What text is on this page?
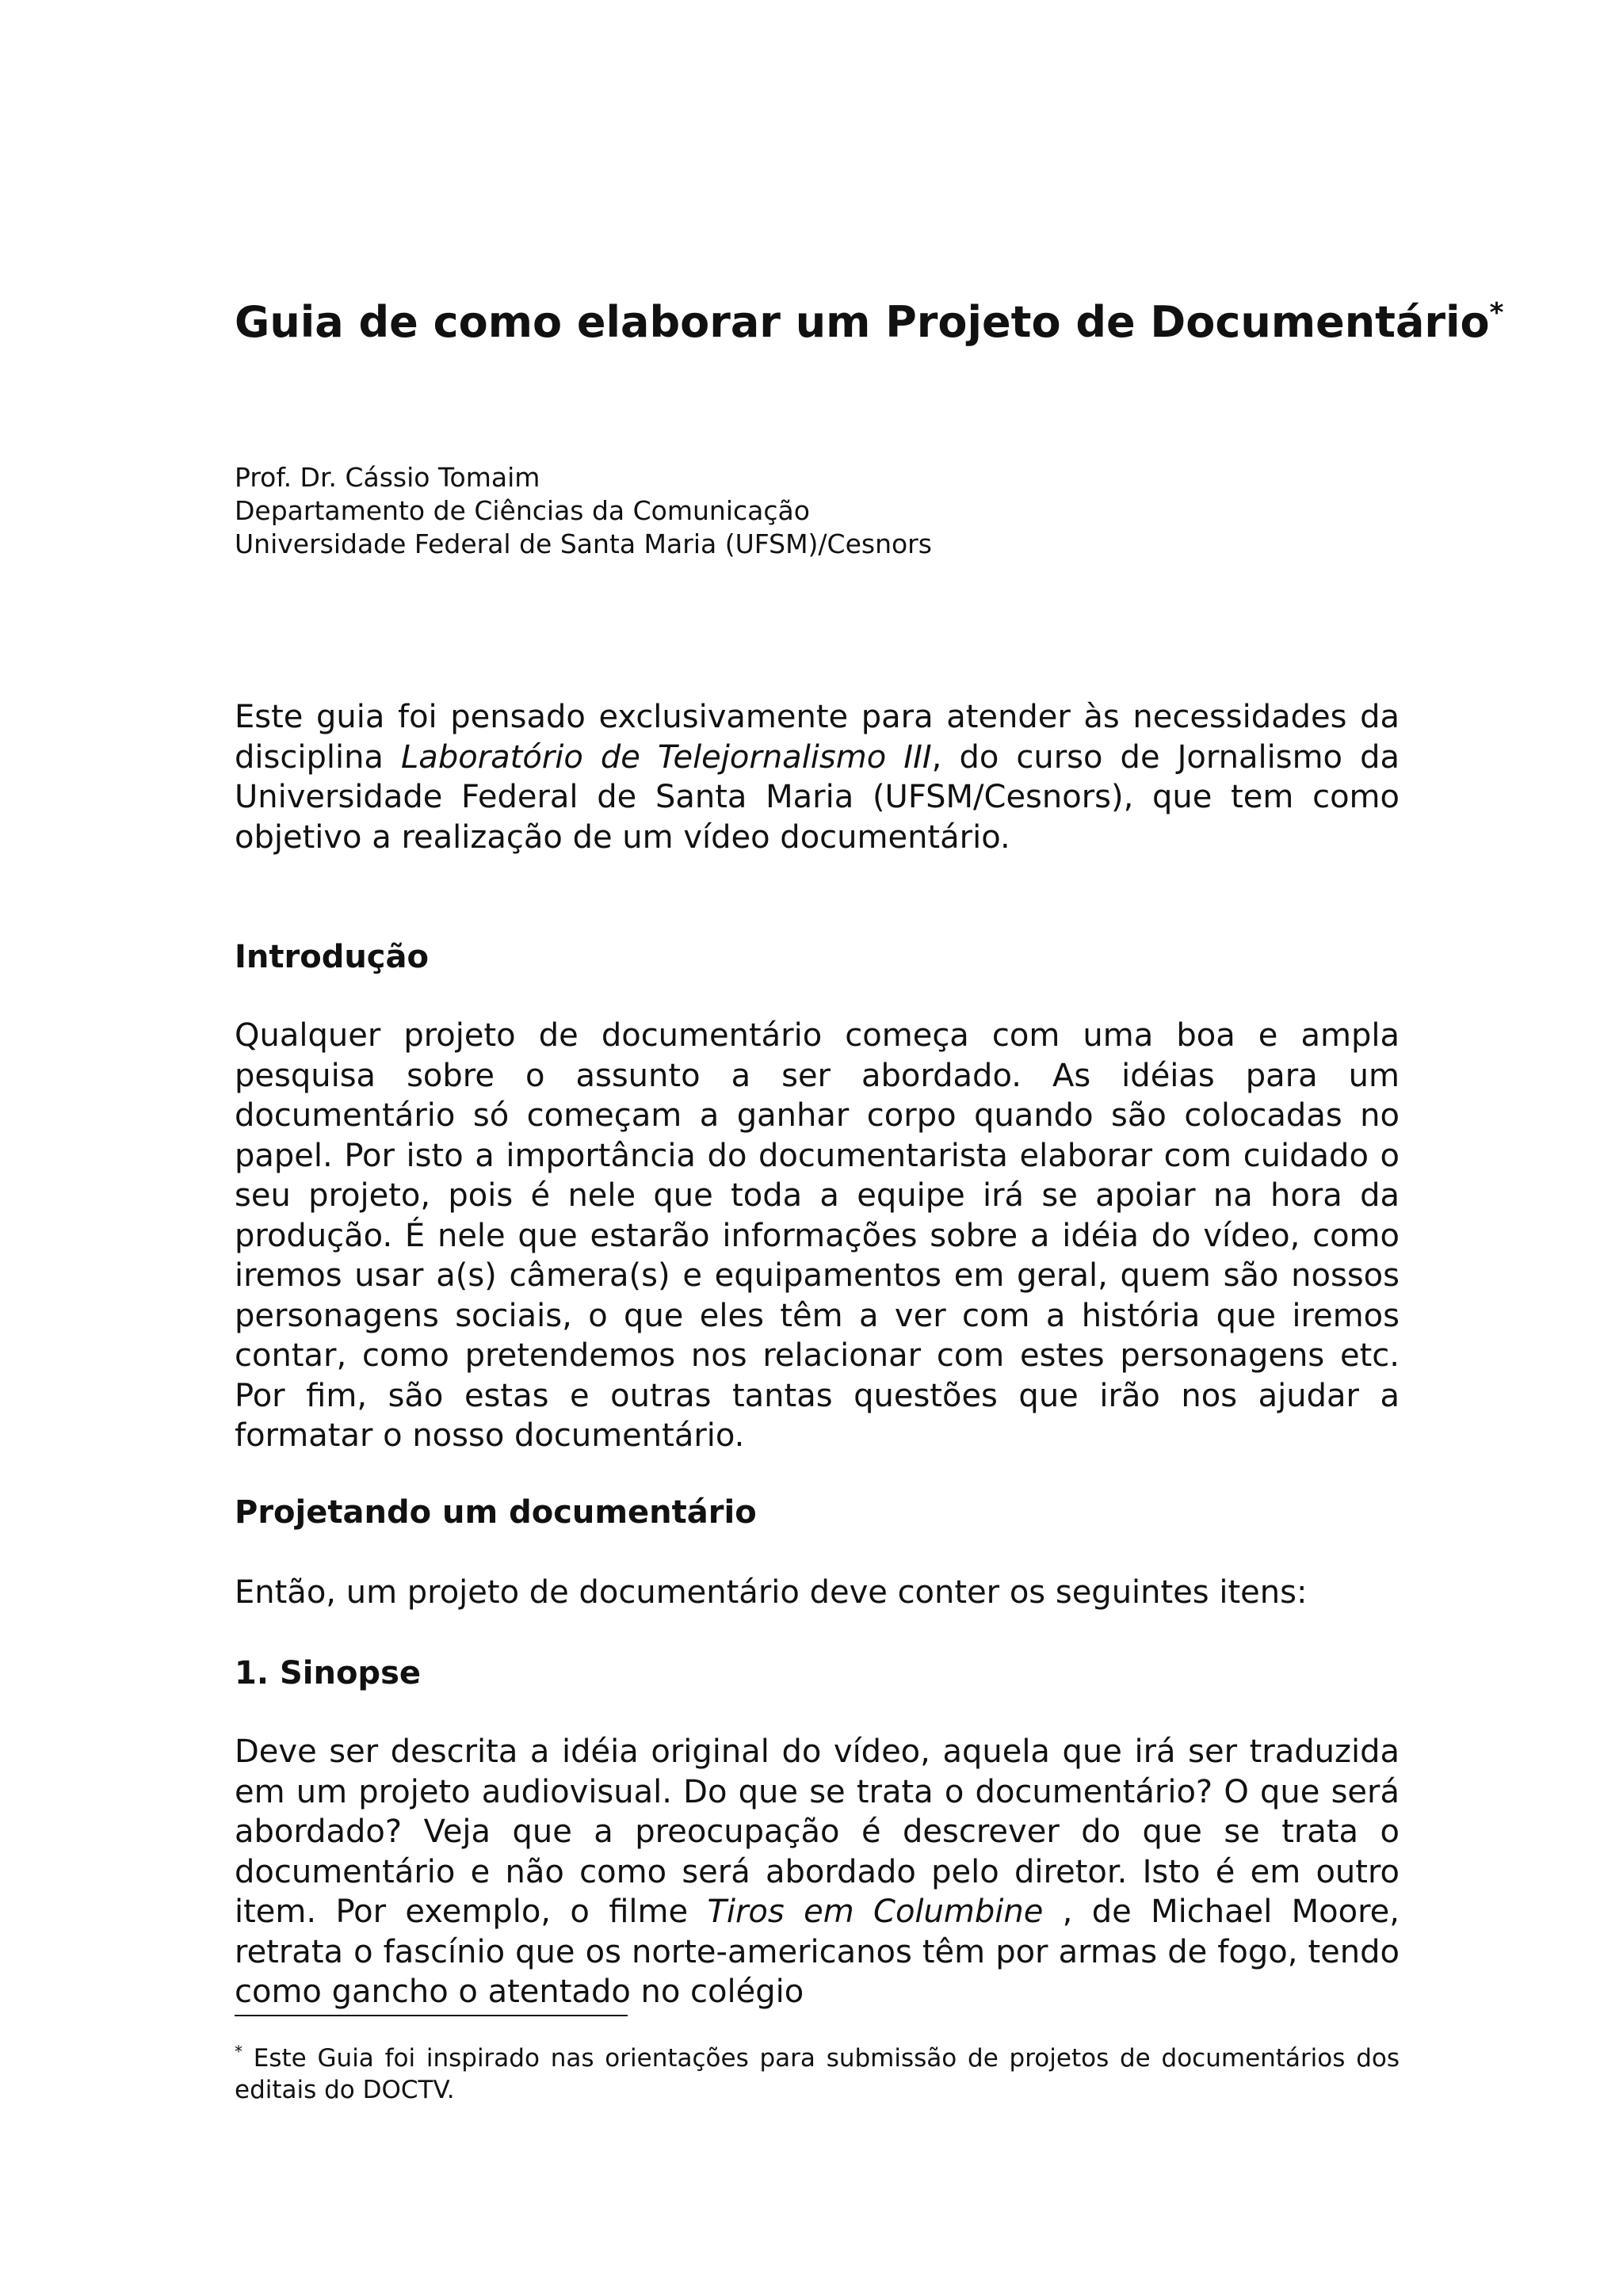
Guia de como elaborar um Projeto de Documentário*
Prof. Dr. Cássio Tomaim
Departamento de Ciências da Comunicação
Universidade Federal de Santa Maria (UFSM)/Cesnors

Este guia foi pensado exclusivamente para atender às necessidades da disciplina Laboratório de Telejornalismo III, do curso de Jornalismo da Universidade Federal de Santa Maria (UFSM/Cesnors), que tem como objetivo a realização de um vídeo documentário.

Introdução

Qualquer projeto de documentário começa com uma boa e ampla pesquisa sobre o assunto a ser abordado. As idéias para um documentário só começam a ganhar corpo quando são colocadas no papel. Por isto a importância do documentarista elaborar com cuidado o seu projeto, pois é nele que toda a equipe irá se apoiar na hora da produção. É nele que estarão informações sobre a idéia do vídeo, como iremos usar a(s) câmera(s) e equipamentos em geral, quem são nossos personagens sociais, o que eles têm a ver com a história que iremos contar, como pretendemos nos relacionar com estes personagens etc. Por fim, são estas e outras tantas questões que irão nos ajudar a formatar o nosso documentário.

Projetando um documentário

Então, um projeto de documentário deve conter os seguintes itens:

1. Sinopse

Deve ser descrita a idéia original do vídeo, aquela que irá ser traduzida em um projeto audiovisual. Do que se trata o documentário? O que será abordado? Veja que a preocupação é descrever do que se trata o documentário e não como será abordado pelo diretor. Isto é em outro item. Por exemplo, o filme Tiros em Columbine , de Michael Moore, retrata o fascínio que os norte-americanos têm por armas de fogo, tendo como gancho o atentado no colégio

* Este Guia foi inspirado nas orientações para submissão de projetos de documentários dos editais do DOCTV.
